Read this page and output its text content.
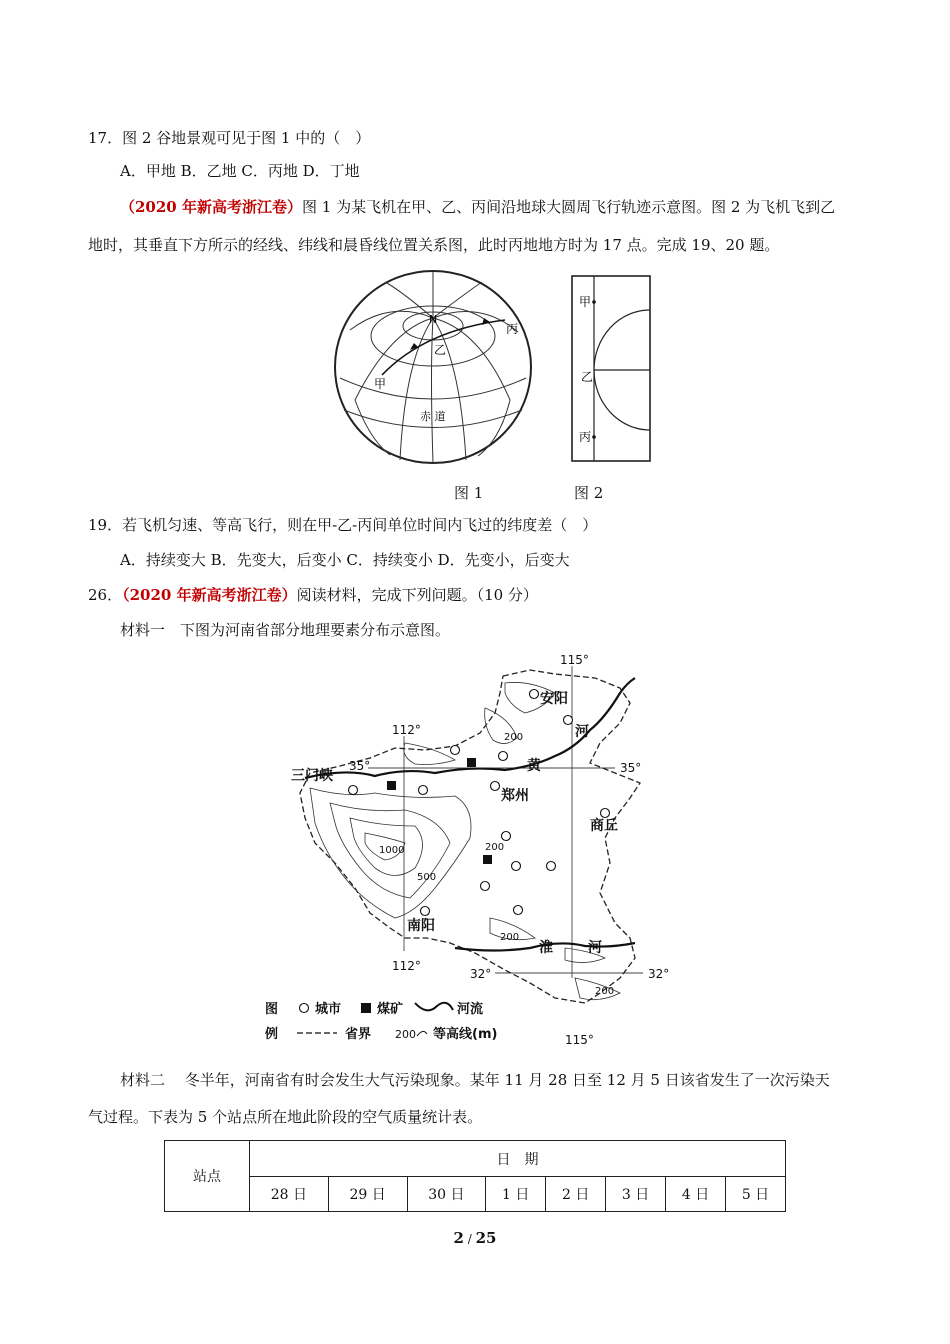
17．图 2 谷地景观可见于图 1 中的（　）
A．甲地 B．乙地 C．丙地 D．丁地
（2020 年新高考浙江卷）图 1 为某飞机在甲、乙、丙间沿地球大圆周飞行轨迹示意图。图 2 为飞机飞到乙
地时，其垂直下方所示的经线、纬线和晨昏线位置关系图，此时丙地地方时为 17 点。完成 19、20 题。
N
甲
乙
丙
赤 道
甲
乙
丙
图 1	图 2
19．若飞机匀速、等高飞行，则在甲-乙-丙间单位时间内飞过的纬度差（　）
A．持续变大 B．先变大，后变小 C．持续变小 D．先变小，后变大
26．（2020 年新高考浙江卷）阅读材料，完成下列问题。（10 分）
材料一　下图为河南省部分地理要素分布示意图。
115°
115°
112°
112°
35°	35°
32°	32°
200
200
200
200
500
1000
安阳
河
三门峡
黄
郑州
商丘
南阳
淮	河
图
例
城市	煤矿	河流
省界 200 等高线(m)
材料二　 冬半年，河南省有时会发生大气污染现象。某年 11 月 28 日至 12 月 5 日该省发生了一次污染天
气过程。下表为 5 个站点所在地此阶段的空气质量统计表。
站点	日　期							
	28 日	29 日	30 日	1 日	2 日	3 日	4 日	5 日
2 / 25
